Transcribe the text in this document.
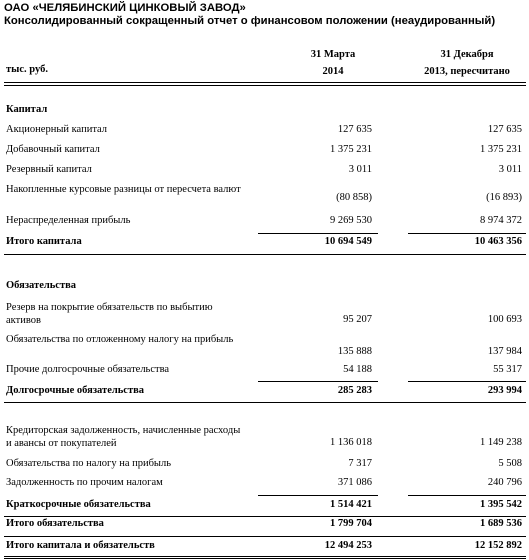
ОАО «ЧЕЛЯБИНСКИЙ ЦИНКОВЫЙ ЗАВОД»
Консолидированный сокращенный отчет о финансовом положении (неаудированный)
31 Марта
2014
31 Декабря
2013, пересчитано
тыс. руб.
Капитал
Акционерный капитал	127 635	127 635
Добавочный капитал	1 375 231	1 375 231
Резервный капитал	3 011	3 011
Накопленные курсовые разницы от пересчета валют
(80 858)	(16 893)
Нераспределенная прибыль	9 269 530	8 974 372
Итого капитала	10 694 549	10 463 356
Обязательства
Резерв на покрытие обязательств по выбытию активов	95 207	100 693
Обязательства по отложенному налогу на прибыль
135 888	137 984
Прочие долгосрочные обязательства	54 188	55 317
Долгосрочные обязательства	285 283	293 994
Кредиторская задолженность, начисленные расходы и авансы от покупателей	1 136 018	1 149 238
Обязательства по налогу на прибыль	7 317	5 508
Задолженность по прочим налогам	371 086	240 796
Краткосрочные обязательства	1 514 421	1 395 542
Итого обязательства	1 799 704	1 689 536
Итого капитала и обязательств	12 494 253	12 152 892
